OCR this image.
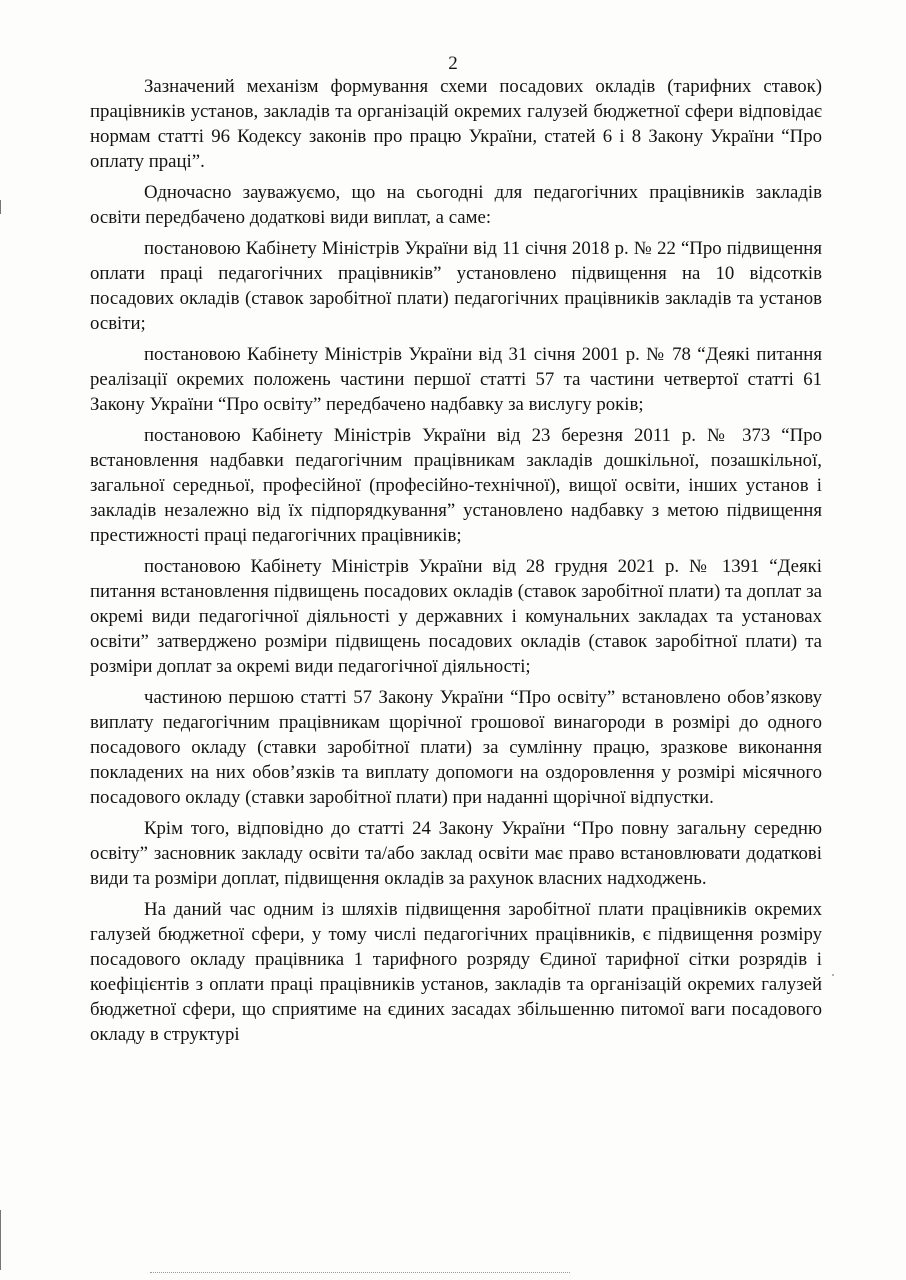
2

Зазначений механізм формування схеми посадових окладів (тарифних ставок) працівників установ, закладів та організацій окремих галузей бюджетної сфери відповідає нормам статті 96 Кодексу законів про працю України, статей 6 і 8 Закону України “Про оплату праці”.

Одночасно зауважуємо, що на сьогодні для педагогічних працівників закладів освіти передбачено додаткові види виплат, а саме:

постановою Кабінету Міністрів України від 11 січня 2018 р. № 22 “Про підвищення оплати праці педагогічних працівників” установлено підвищення на 10 відсотків посадових окладів (ставок заробітної плати) педагогічних працівників закладів та установ освіти;

постановою Кабінету Міністрів України від 31 січня 2001 р. № 78 “Деякі питання реалізації окремих положень частини першої статті 57 та частини четвертої статті 61 Закону України “Про освіту” передбачено надбавку за вислугу років;

постановою Кабінету Міністрів України від 23 березня 2011 р. № 373 “Про встановлення надбавки педагогічним працівникам закладів дошкільної, позашкільної, загальної середньої, професійної (професійно-технічної), вищої освіти, інших установ і закладів незалежно від їх підпорядкування” установлено надбавку з метою підвищення престижності праці педагогічних працівників;

постановою Кабінету Міністрів України від 28 грудня 2021 р. № 1391 “Деякі питання встановлення підвищень посадових окладів (ставок заробітної плати) та доплат за окремі види педагогічної діяльності у державних і комунальних закладах та установах освіти” затверджено розміри підвищень посадових окладів (ставок заробітної плати) та розміри доплат за окремі види педагогічної діяльності;

частиною першою статті 57 Закону України “Про освіту” встановлено обов’язкову виплату педагогічним працівникам щорічної грошової винагороди в розмірі до одного посадового окладу (ставки заробітної плати) за сумлінну працю, зразкове виконання покладених на них обов’язків та виплату допомоги на оздоровлення у розмірі місячного посадового окладу (ставки заробітної плати) при наданні щорічної відпустки.

Крім того, відповідно до статті 24 Закону України “Про повну загальну середню освіту” засновник закладу освіти та/або заклад освіти має право встановлювати додаткові види та розміри доплат, підвищення окладів за рахунок власних надходжень.

На даний час одним із шляхів підвищення заробітної плати працівників окремих галузей бюджетної сфери, у тому числі педагогічних працівників, є підвищення розміру посадового окладу працівника 1 тарифного розряду Єдиної тарифної сітки розрядів і коефіцієнтів з оплати праці працівників установ, закладів та організацій окремих галузей бюджетної сфери, що сприятиме на єдиних засадах збільшенню питомої ваги посадового окладу в структурі
